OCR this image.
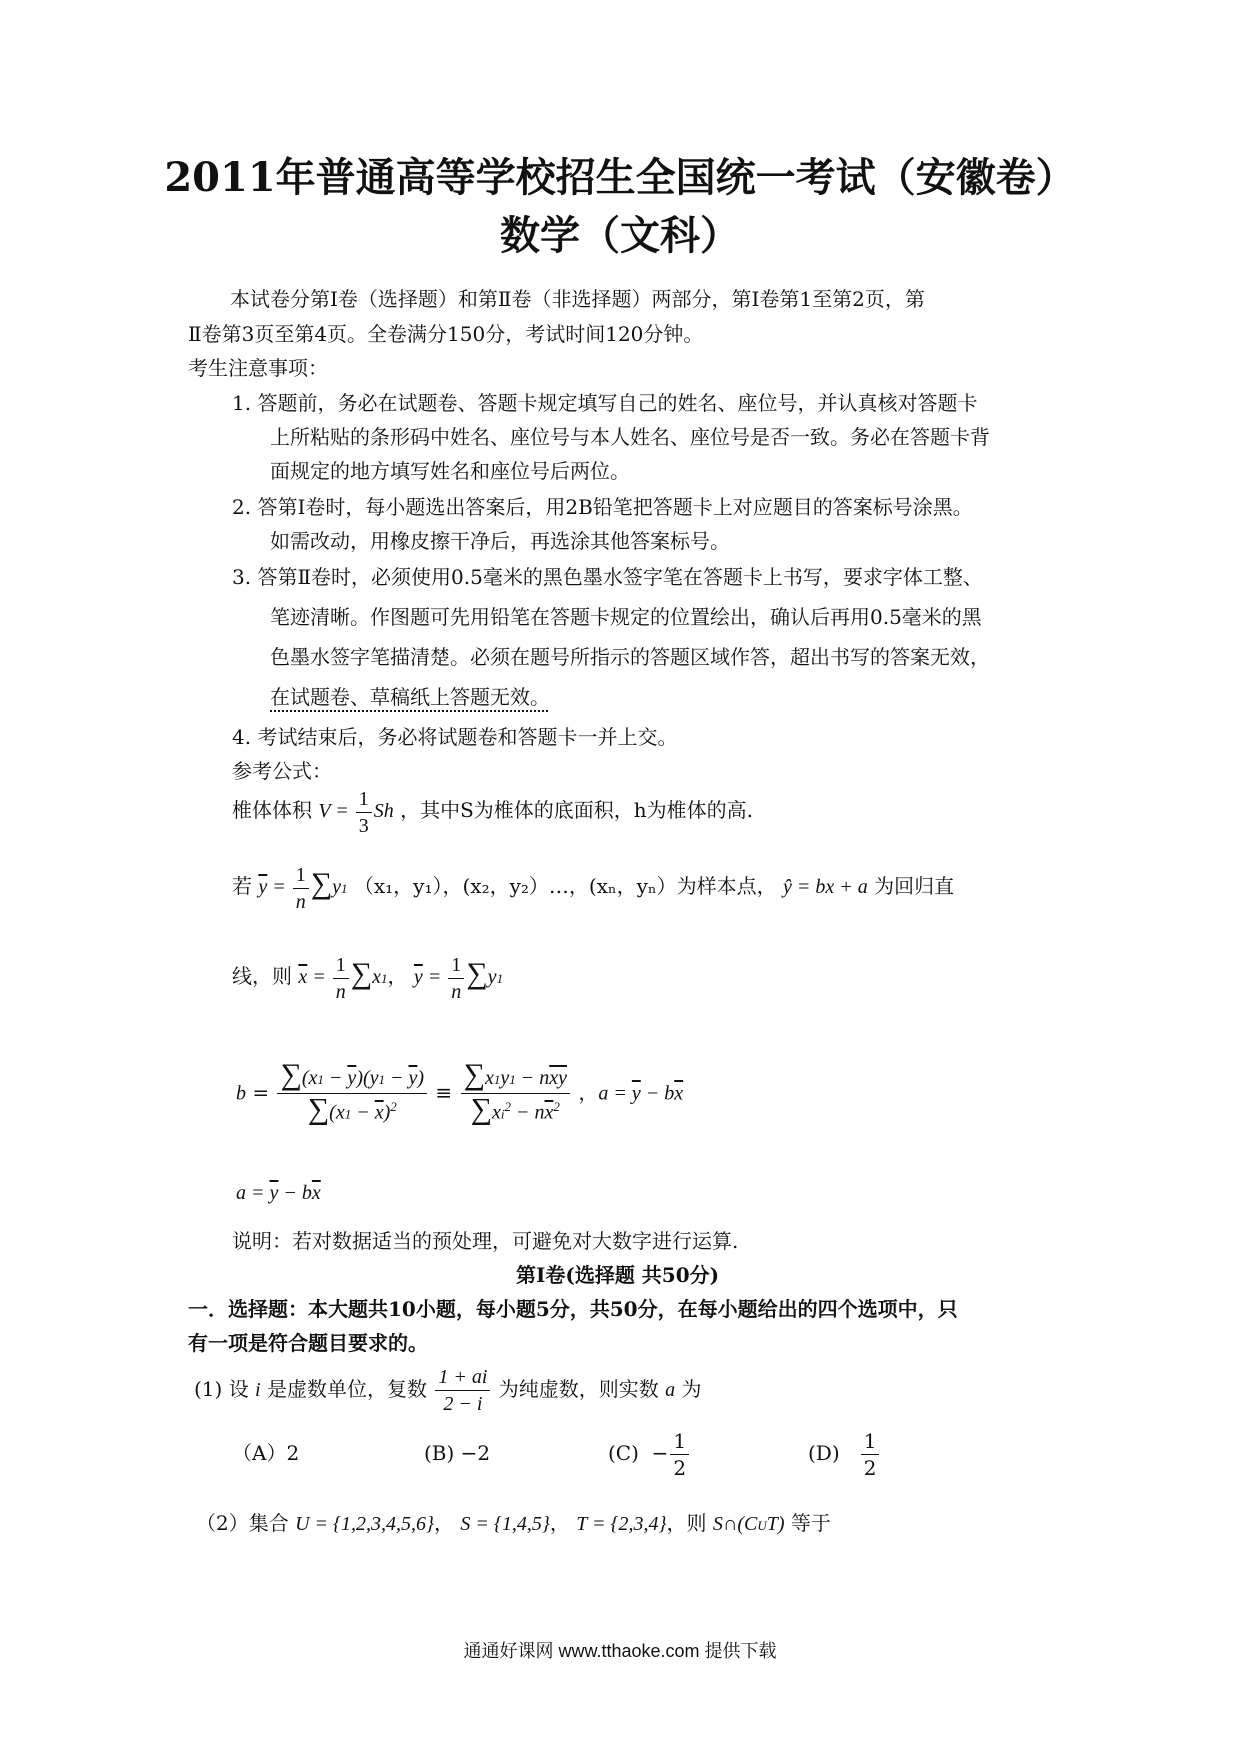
2011年普通高等学校招生全国统一考试（安徽卷）
数学（文科）
本试卷分第Ⅰ卷（选择题）和第Ⅱ卷（非选择题）两部分，第Ⅰ卷第1至第2页，第
Ⅱ卷第3页至第4页。全卷满分150分，考试时间120分钟。
考生注意事项：
1. 答题前，务必在试题卷、答题卡规定填写自己的姓名、座位号，并认真核对答题卡
上所粘贴的条形码中姓名、座位号与本人姓名、座位号是否一致。务必在答题卡背
面规定的地方填写姓名和座位号后两位。
2. 答第Ⅰ卷时，每小题选出答案后，用2B铅笔把答题卡上对应题目的答案标号涂黑。
如需改动，用橡皮擦干净后，再选涂其他答案标号。
3. 答第Ⅱ卷时，必须使用0.5毫米的黑色墨水签字笔在答题卡上书写，要求字体工整、
笔迹清晰。作图题可先用铅笔在答题卡规定的位置绘出，确认后再用0.5毫米的黑
色墨水签字笔描清楚。必须在题号所指示的答题区域作答，超出书写的答案无效，
在试题卷、草稿纸上答题无效。
4. 考试结束后，务必将试题卷和答题卡一并上交。
参考公式：
椎体体积 $V = \frac{1}{3}$ Sh ，其中S为椎体的底面积，h为椎体的高.
若 $\overline{y} = \frac{1}{n} \sum y1$ （x₁，y₁），(x₂，y₂）…，(xₙ，yₙ）为样本点， ŷ = bx + a 为回归直
线，则 $\overline{x} = \frac{1}{n} \sum x1$， $\overline{y} = \frac{1}{n} \sum y1$
$b = \frac{\sum(x1 - \overline{y})(y1 - \overline{y})}{\sum(x1 - \overline{x})^2} \equiv \frac{\sum x1y1 - n\overline{xy}}{\sum xi^2 - n\overline{x}^2}$ ，$a = \overline{y} - b\overline{x}$
$a = \overline{y} - b\overline{x}$
说明：若对数据适当的预处理，可避免对大数字进行运算.
第Ⅰ卷(选择题 共50分)
一．选择题：本大题共10小题，每小题5分，共50分，在每小题给出的四个选项中，只
有一项是符合题目要求的。
(1) 设 i 是虚数单位，复数 $\frac{1 + ai}{2 - i}$ 为纯虚数，则实数 a 为
（A）2	(B) −2	$(C) - \frac{1}{2}$	$(D) \frac{1}{2}$
（2）集合 U = {1,2,3,4,5,6}， S = {1,4,5}， T = {2,3,4}，则 S∩(CUT) 等于
通通好课网 www.tthaoke.com 提供下载
